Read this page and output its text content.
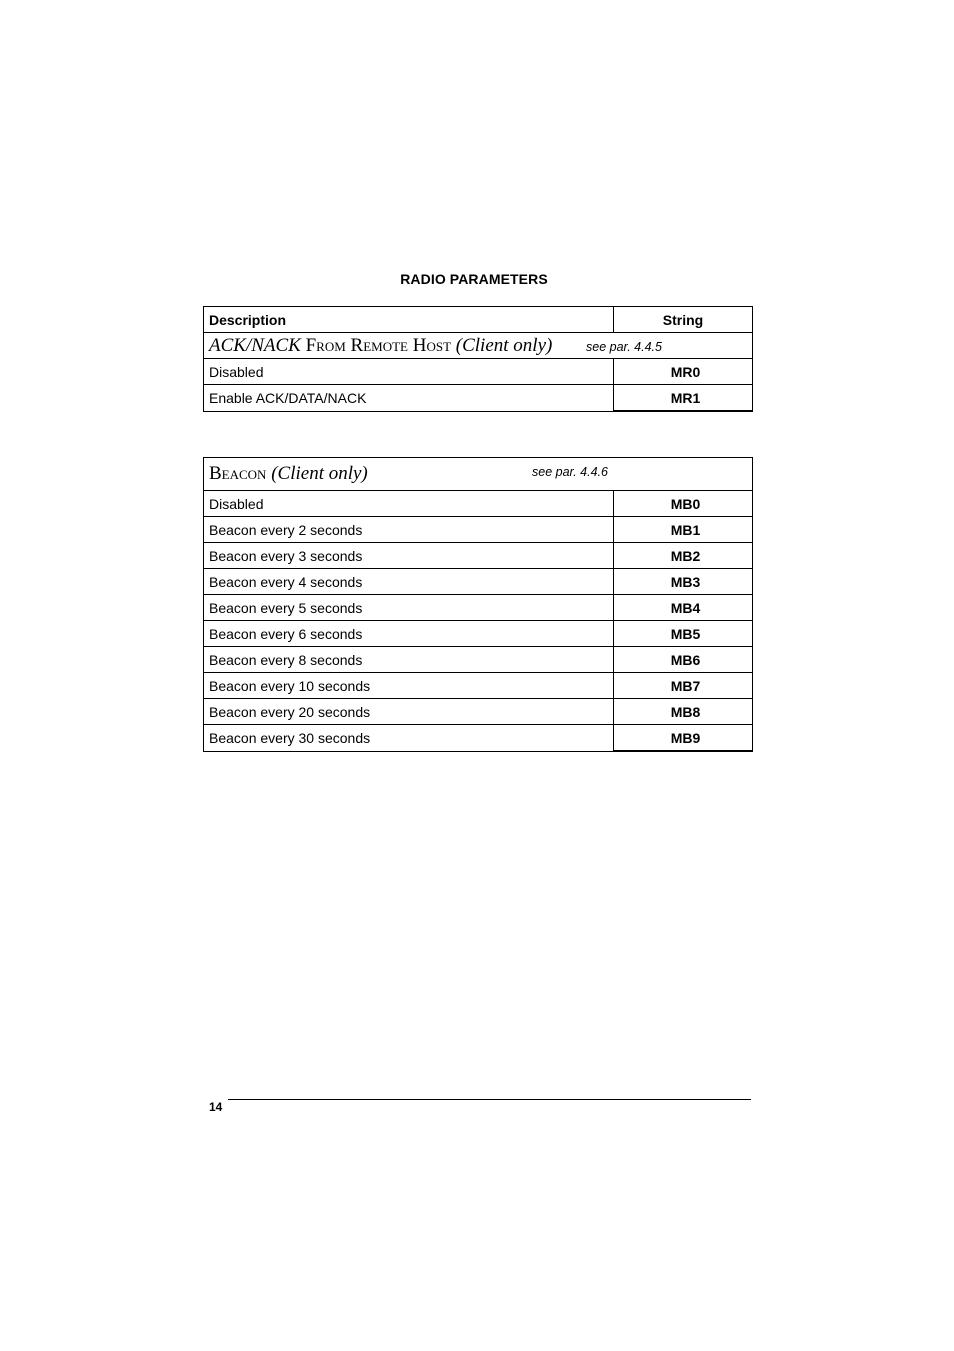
RADIO PARAMETERS
Description	String
ACK/NACK From Remote Host (Client only) see par. 4.4.5	

Disabled	MR0
Enable ACK/DATA/NACK	MR1
Beacon (Client only) see par. 4.4.6	

Disabled	MB0
Beacon every 2 seconds	MB1
Beacon every 3 seconds	MB2
Beacon every 4 seconds	MB3
Beacon every 5 seconds	MB4
Beacon every 6 seconds	MB5
Beacon every 8 seconds	MB6
Beacon every 10 seconds	MB7
Beacon every 20 seconds	MB8
Beacon every 30 seconds	MB9
14
